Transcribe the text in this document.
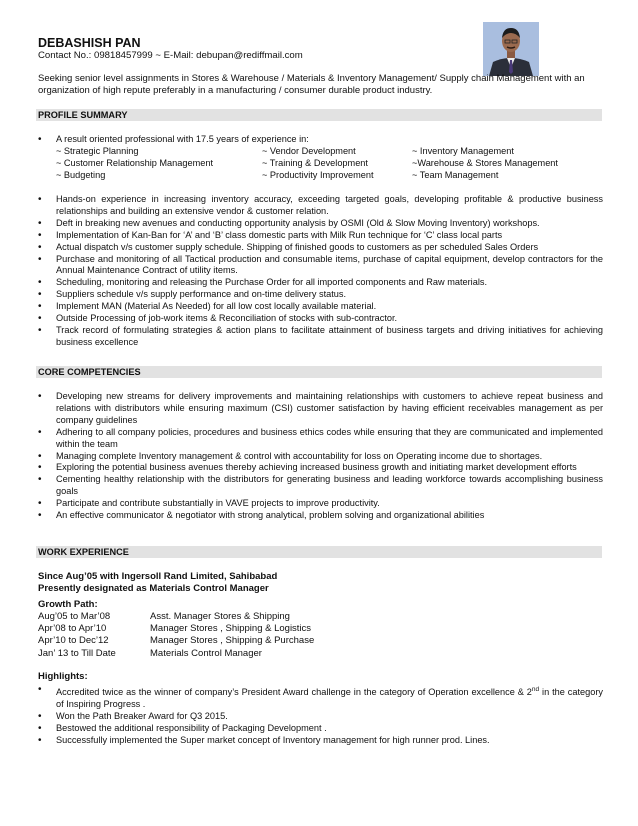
DEBASHISH PAN
Contact No.: 09818457999 ~ E-Mail: debupan@rediffmail.com
Seeking senior level assignments in Stores & Warehouse / Materials & Inventory Management/ Supply chain Management with an organization of high repute preferably in a manufacturing / consumer durable product industry.
PROFILE SUMMARY
• A result oriented professional with 17.5 years of experience in:
~ Strategic Planning	~ Vendor Development	~ Inventory Management
~ Customer Relationship Management	~ Training & Development	~Warehouse & Stores Management
~ Budgeting	~ Productivity Improvement	~ Team Management
• Hands-on experience in increasing inventory accuracy, exceeding targeted goals, developing profitable & productive business relationships and building an extensive vendor & customer relation.
• Deft in breaking new avenues and conducting opportunity analysis by OSMI (Old & Slow Moving Inventory) workshops.
• Implementation of Kan-Ban for ‘A’ and ‘B’ class domestic parts with Milk Run technique for ‘C’ class local parts
• Actual dispatch v/s customer supply schedule. Shipping of finished goods to customers as per scheduled Sales Orders
• Purchase and monitoring of all Tactical production and consumable items, purchase of capital equipment, develop contractors for the Annual Maintenance Contract of utility items.
• Scheduling, monitoring and releasing the Purchase Order for all imported components and Raw materials.
• Suppliers schedule v/s supply performance and on-time delivery status.
• Implement MAN (Material As Needed) for all low cost locally available material.
• Outside Processing of job-work items & Reconciliation of stocks with sub-contractor.
• Track record of formulating strategies & action plans to facilitate attainment of business targets and driving initiatives for achieving business excellence
CORE COMPETENCIES
• Developing new streams for delivery improvements and maintaining relationships with customers to achieve repeat business and relations with distributors while ensuring maximum (CSI) customer satisfaction by having efficient receivables management as per company guidelines
• Adhering to all company policies, procedures and business ethics codes while ensuring that they are communicated and implemented within the team
• Managing complete Inventory management & control with accountability for loss on Operating income due to shortages.
• Exploring the potential business avenues thereby achieving increased business growth and initiating market development efforts
• Cementing healthy relationship with the distributors for generating business and leading workforce towards accomplishing business goals
• Participate and contribute substantially in VAVE projects to improve productivity.
• An effective communicator & negotiator with strong analytical, problem solving and organizational abilities
WORK EXPERIENCE
Since Aug’05 with Ingersoll Rand Limited, Sahibabad
Presently designated as Materials Control Manager
Growth Path:
Aug’05 to Mar’08	Asst. Manager Stores & Shipping
Apr’08 to Apr’10	Manager Stores , Shipping & Logistics
Apr’10 to Dec’12	Manager Stores , Shipping & Purchase
Jan’ 13 to Till Date	Materials Control Manager
Highlights:
• Accredited twice as the winner of company’s President Award challenge in the category of Operation excellence & 2nd in the category of Inspiring Progress .
• Won the Path Breaker Award for Q3 2015.
• Bestowed the additional responsibility of Packaging Development .
• Successfully implemented the Super market concept of Inventory management for high runner prod. Lines.
